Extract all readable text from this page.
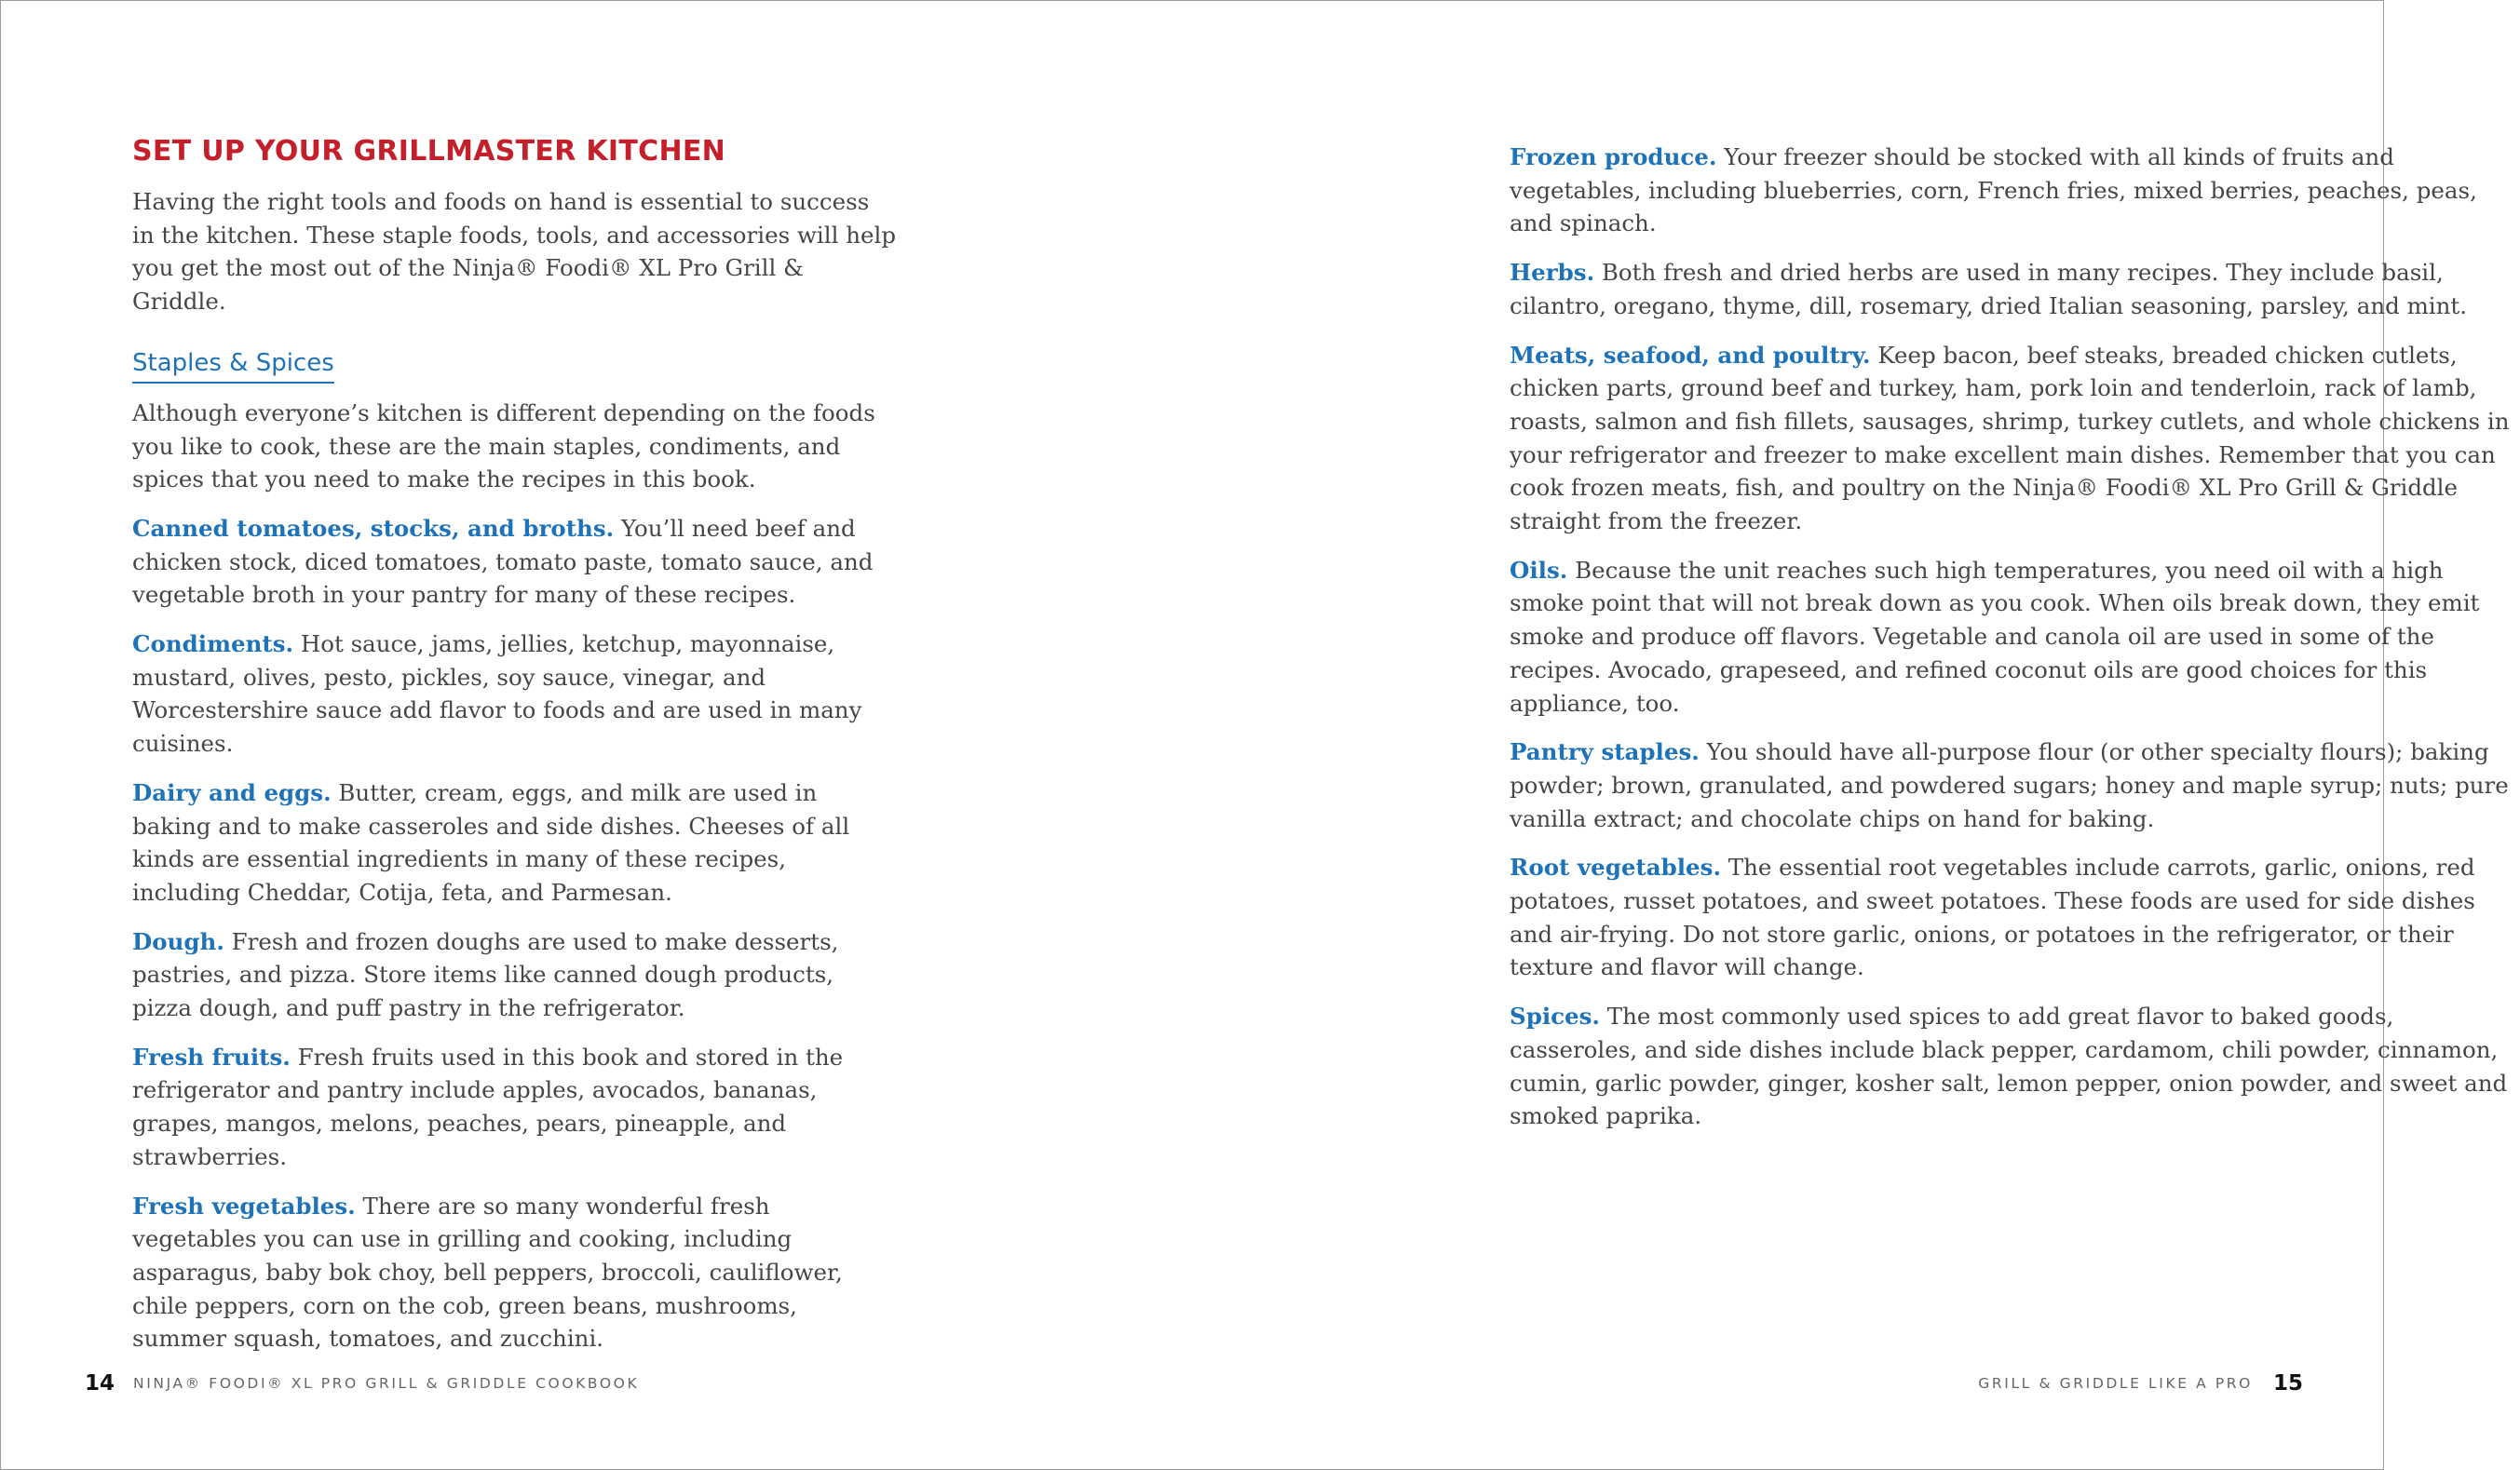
SET UP YOUR GRILLMASTER KITCHEN

Having the right tools and foods on hand is essential to success in the kitchen. These staple foods, tools, and accessories will help you get the most out of the Ninja® Foodi® XL Pro Grill & Griddle.

Staples & Spices

Although everyone’s kitchen is different depending on the foods you like to cook, these are the main staples, condiments, and spices that you need to make the recipes in this book.

Canned tomatoes, stocks, and broths. You’ll need beef and chicken stock, diced tomatoes, tomato paste, tomato sauce, and vegetable broth in your pantry for many of these recipes.

Condiments. Hot sauce, jams, jellies, ketchup, mayonnaise, mustard, olives, pesto, pickles, soy sauce, vinegar, and Worcestershire sauce add flavor to foods and are used in many cuisines.

Dairy and eggs. Butter, cream, eggs, and milk are used in baking and to make casseroles and side dishes. Cheeses of all kinds are essential ingredients in many of these recipes, including Cheddar, Cotija, feta, and Parmesan.

Dough. Fresh and frozen doughs are used to make desserts, pastries, and pizza. Store items like canned dough products, pizza dough, and puff pastry in the refrigerator.

Fresh fruits. Fresh fruits used in this book and stored in the refrigerator and pantry include apples, avocados, bananas, grapes, mangos, melons, peaches, pears, pineapple, and strawberries.

Fresh vegetables. There are so many wonderful fresh vegetables you can use in grilling and cooking, including asparagus, baby bok choy, bell peppers, broccoli, cauliflower, chile peppers, corn on the cob, green beans, mushrooms, summer squash, tomatoes, and zucchini.

14 NINJA® FOODI® XL PRO GRILL & GRIDDLE COOKBOOK

Frozen produce. Your freezer should be stocked with all kinds of fruits and vegetables, including blueberries, corn, French fries, mixed berries, peaches, peas, and spinach.

Herbs. Both fresh and dried herbs are used in many recipes. They include basil, cilantro, oregano, thyme, dill, rosemary, dried Italian seasoning, parsley, and mint.

Meats, seafood, and poultry. Keep bacon, beef steaks, breaded chicken cutlets, chicken parts, ground beef and turkey, ham, pork loin and tenderloin, rack of lamb, roasts, salmon and fish fillets, sausages, shrimp, turkey cutlets, and whole chickens in your refrigerator and freezer to make excellent main dishes. Remember that you can cook frozen meats, fish, and poultry on the Ninja® Foodi® XL Pro Grill & Griddle straight from the freezer.

Oils. Because the unit reaches such high temperatures, you need oil with a high smoke point that will not break down as you cook. When oils break down, they emit smoke and produce off flavors. Vegetable and canola oil are used in some of the recipes. Avocado, grapeseed, and refined coconut oils are good choices for this appliance, too.

Pantry staples. You should have all-purpose flour (or other specialty flours); baking powder; brown, granulated, and powdered sugars; honey and maple syrup; nuts; pure vanilla extract; and chocolate chips on hand for baking.

Root vegetables. The essential root vegetables include carrots, garlic, onions, red potatoes, russet potatoes, and sweet potatoes. These foods are used for side dishes and air-frying. Do not store garlic, onions, or potatoes in the refrigerator, or their texture and flavor will change.

Spices. The most commonly used spices to add great flavor to baked goods, casseroles, and side dishes include black pepper, cardamom, chili powder, cinnamon, cumin, garlic powder, ginger, kosher salt, lemon pepper, onion powder, and sweet and smoked paprika.

GRILL & GRIDDLE LIKE A PRO 15
